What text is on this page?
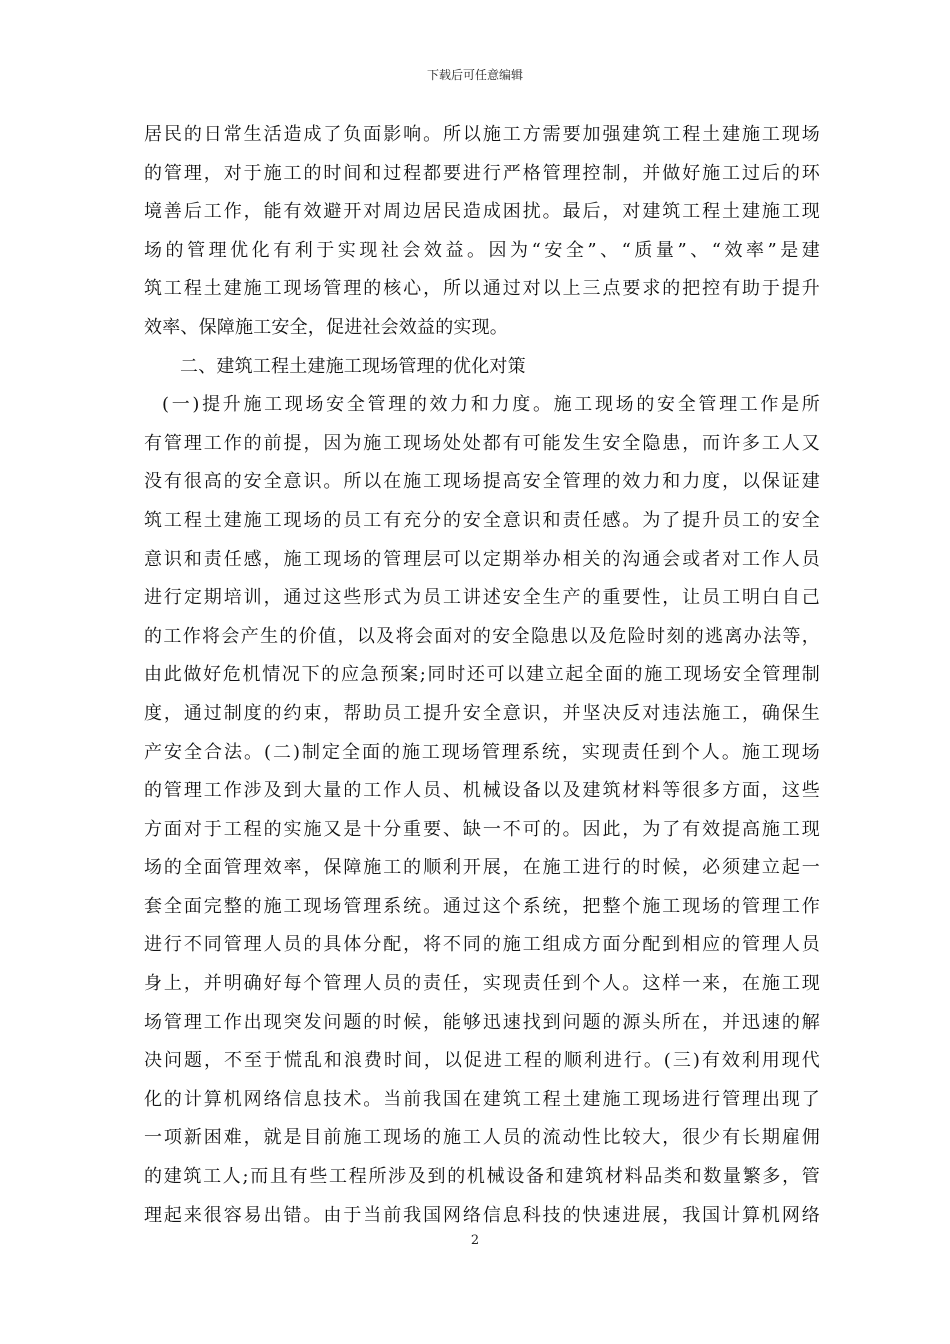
下载后可任意编辑
居民的日常生活造成了负面影响。所以施工方需要加强建筑工程土建施工现场
的管理，对于施工的时间和过程都要进行严格管理控制，并做好施工过后的环
境善后工作，能有效避开对周边居民造成困扰。最后，对建筑工程土建施工现
场的管理优化有利于实现社会效益。因为“安全”、“质量”、“效率”是建
筑工程土建施工现场管理的核心，所以通过对以上三点要求的把控有助于提升
效率、保障施工安全，促进社会效益的实现。
二、建筑工程土建施工现场管理的优化对策
(一)提升施工现场安全管理的效力和力度。施工现场的安全管理工作是所
有管理工作的前提，因为施工现场处处都有可能发生安全隐患，而许多工人又
没有很高的安全意识。所以在施工现场提高安全管理的效力和力度，以保证建
筑工程土建施工现场的员工有充分的安全意识和责任感。为了提升员工的安全
意识和责任感，施工现场的管理层可以定期举办相关的沟通会或者对工作人员
进行定期培训，通过这些形式为员工讲述安全生产的重要性，让员工明白自己
的工作将会产生的价值，以及将会面对的安全隐患以及危险时刻的逃离办法等，
由此做好危机情况下的应急预案;同时还可以建立起全面的施工现场安全管理制
度，通过制度的约束，帮助员工提升安全意识，并坚决反对违法施工，确保生
产安全合法。(二)制定全面的施工现场管理系统，实现责任到个人。施工现场
的管理工作涉及到大量的工作人员、机械设备以及建筑材料等很多方面，这些
方面对于工程的实施又是十分重要、缺一不可的。因此，为了有效提高施工现
场的全面管理效率，保障施工的顺利开展，在施工进行的时候，必须建立起一
套全面完整的施工现场管理系统。通过这个系统，把整个施工现场的管理工作
进行不同管理人员的具体分配，将不同的施工组成方面分配到相应的管理人员
身上，并明确好每个管理人员的责任，实现责任到个人。这样一来，在施工现
场管理工作出现突发问题的时候，能够迅速找到问题的源头所在，并迅速的解
决问题，不至于慌乱和浪费时间，以促进工程的顺利进行。(三)有效利用现代
化的计算机网络信息技术。当前我国在建筑工程土建施工现场进行管理出现了
一项新困难，就是目前施工现场的施工人员的流动性比较大，很少有长期雇佣
的建筑工人;而且有些工程所涉及到的机械设备和建筑材料品类和数量繁多，管
理起来很容易出错。由于当前我国网络信息科技的快速进展，我国计算机网络
2
